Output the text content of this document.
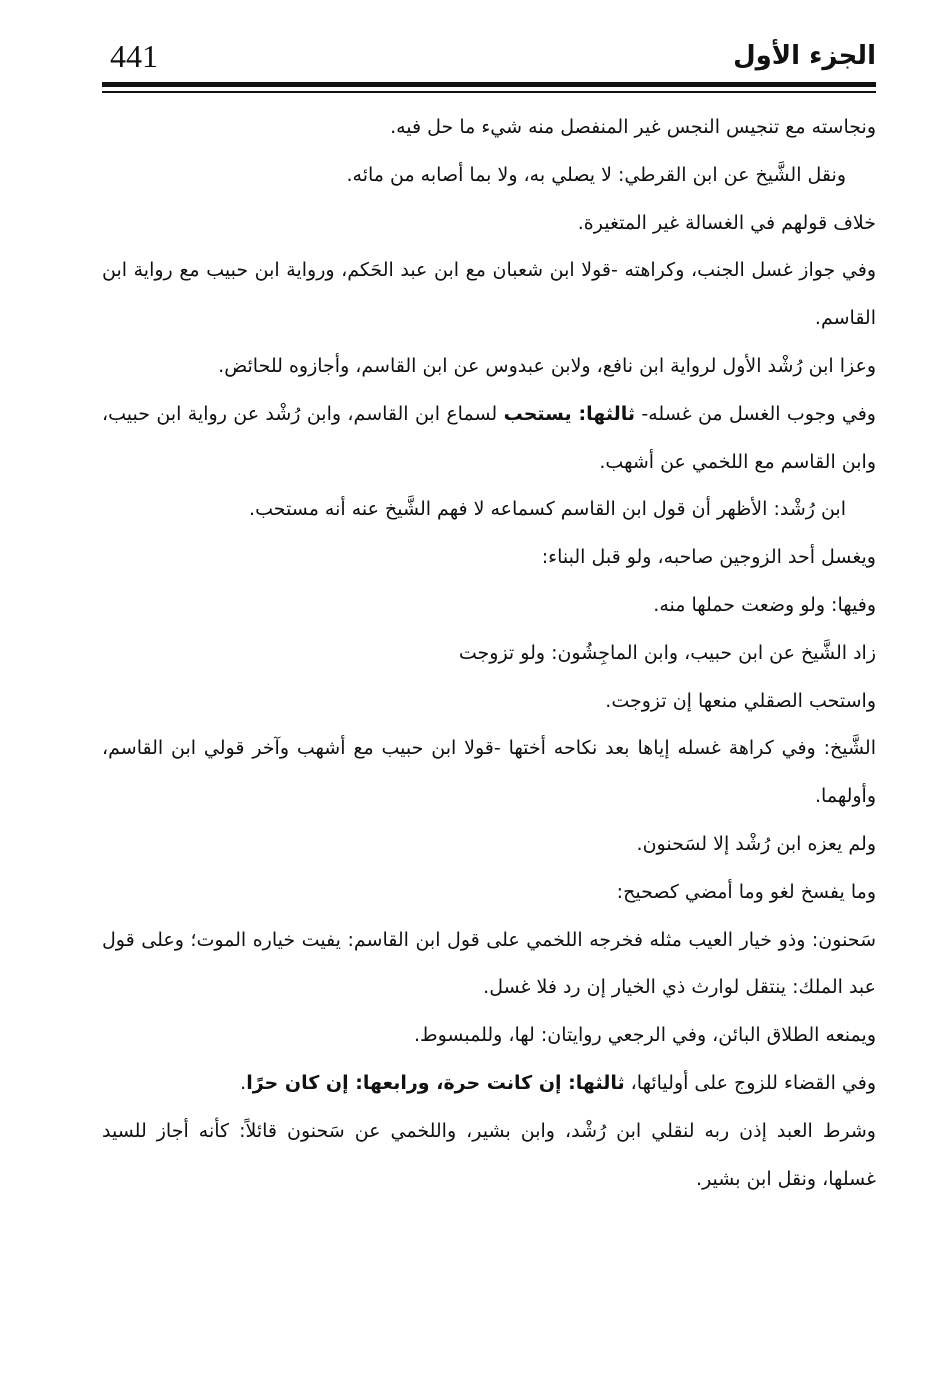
441	الجزء الأول

ونجاسته مع تنجيس النجس غير المنفصل منه شيء ما حل فيه.

ونقل الشَّيخ عن ابن القرطي: لا يصلي به، ولا بما أصابه من مائه.

خلاف قولهم في الغسالة غير المتغيرة.

وفي جواز غسل الجنب، وكراهته -قولا ابن شعبان مع ابن عبد الحَكم، ورواية ابن حبيب مع رواية ابن القاسم.

وعزا ابن رُشْد الأول لرواية ابن نافع، ولابن عبدوس عن ابن القاسم، وأجازوه للحائض.

وفي وجوب الغسل من غسله- ثالثها: يستحب لسماع ابن القاسم، وابن رُشْد عن رواية ابن حبيب، وابن القاسم مع اللخمي عن أشهب.

ابن رُشْد: الأظهر أن قول ابن القاسم كسماعه لا فهم الشَّيخ عنه أنه مستحب.

ويغسل أحد الزوجين صاحبه، ولو قبل البناء:

وفيها: ولو وضعت حملها منه.

زاد الشَّيخ عن ابن حبيب، وابن الماجِشُون: ولو تزوجت

واستحب الصقلي منعها إن تزوجت.

الشَّيخ: وفي كراهة غسله إياها بعد نكاحه أختها -قولا ابن حبيب مع أشهب وآخر قولي ابن القاسم، وأولهما.

ولم يعزه ابن رُشْد إلا لسَحنون.

وما يفسخ لغو وما أمضي كصحيح:

سَحنون: وذو خيار العيب مثله فخرجه اللخمي على قول ابن القاسم: يفيت خياره الموت؛ وعلى قول عبد الملك: ينتقل لوارث ذي الخيار إن رد فلا غسل.

ويمنعه الطلاق البائن، وفي الرجعي روايتان: لها، وللمبسوط.

وفي القضاء للزوج على أوليائها، ثالثها: إن كانت حرة، ورابعها: إن كان حرًا.

وشرط العبد إذن ربه لنقلي ابن رُشْد، وابن بشير، واللخمي عن سَحنون قائلاً: كأنه أجاز للسيد غسلها، ونقل ابن بشير.
